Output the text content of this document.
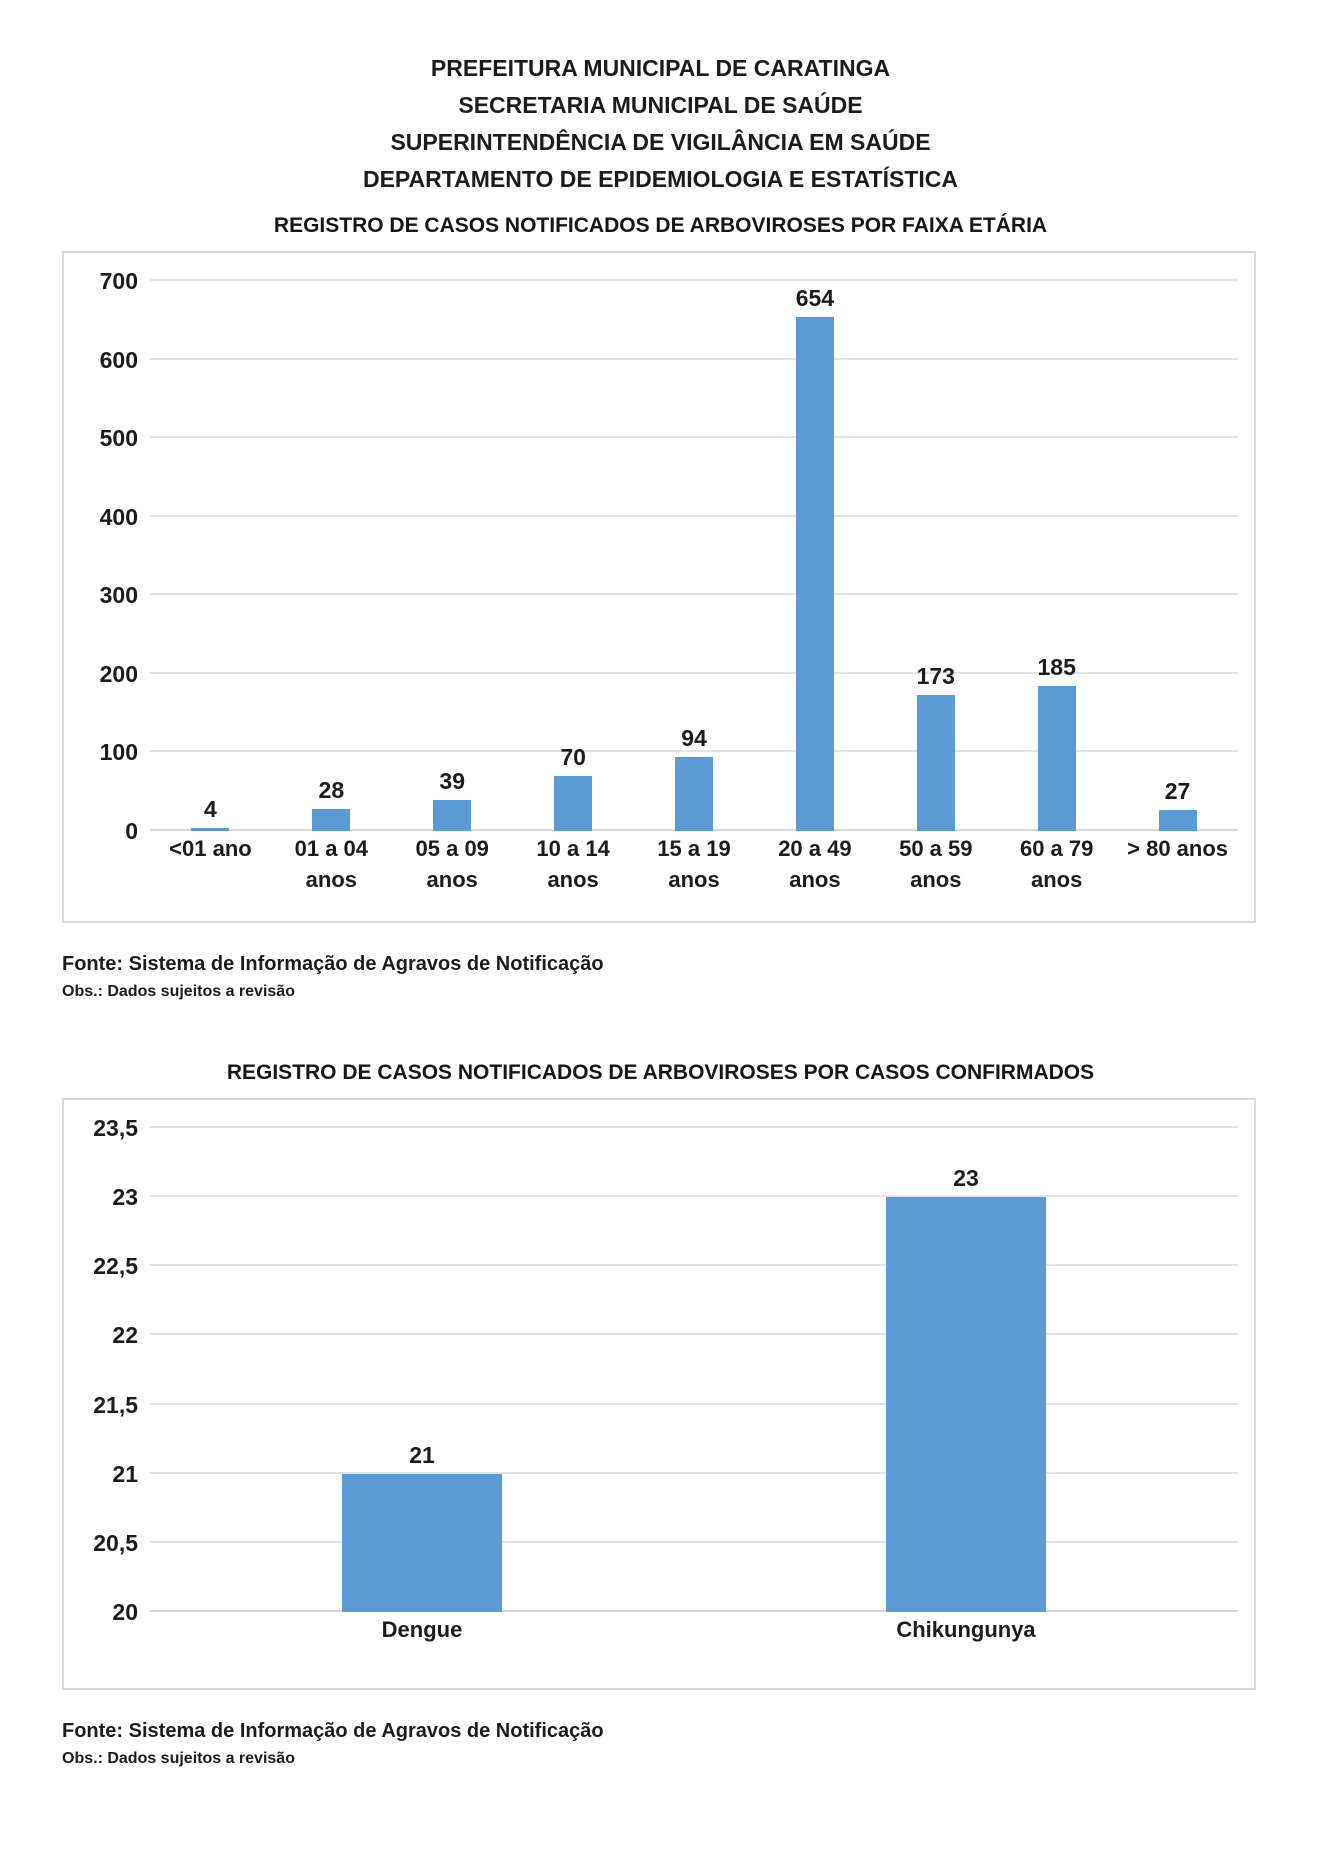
PREFEITURA MUNICIPAL DE CARATINGA
SECRETARIA MUNICIPAL DE SAÚDE
SUPERINTENDÊNCIA DE VIGILÂNCIA EM SAÚDE
DEPARTAMENTO DE EPIDEMIOLOGIA E ESTATÍSTICA
REGISTRO DE CASOS NOTIFICADOS DE ARBOVIROSES POR FAIXA ETÁRIA
0
100
200
300
400
500
600
700
4
28	39
70
94
654
173	185
27
<01 ano	01 a 04 anos
05 a 09 anos
10 a 14 anos
15 a 19 anos
20 a 49 anos
50 a 59 anos
60 a 79 anos
> 80 anos
Fonte: Sistema de Informação de Agravos de Notificação
Obs.: Dados sujeitos a revisão
REGISTRO DE CASOS NOTIFICADOS DE ARBOVIROSES POR CASOS CONFIRMADOS
20
20,5
21
21,5
22
22,5
23
23,5
21
23
Dengue	Chikungunya
Fonte: Sistema de Informação de Agravos de Notificação
Obs.: Dados sujeitos a revisão
